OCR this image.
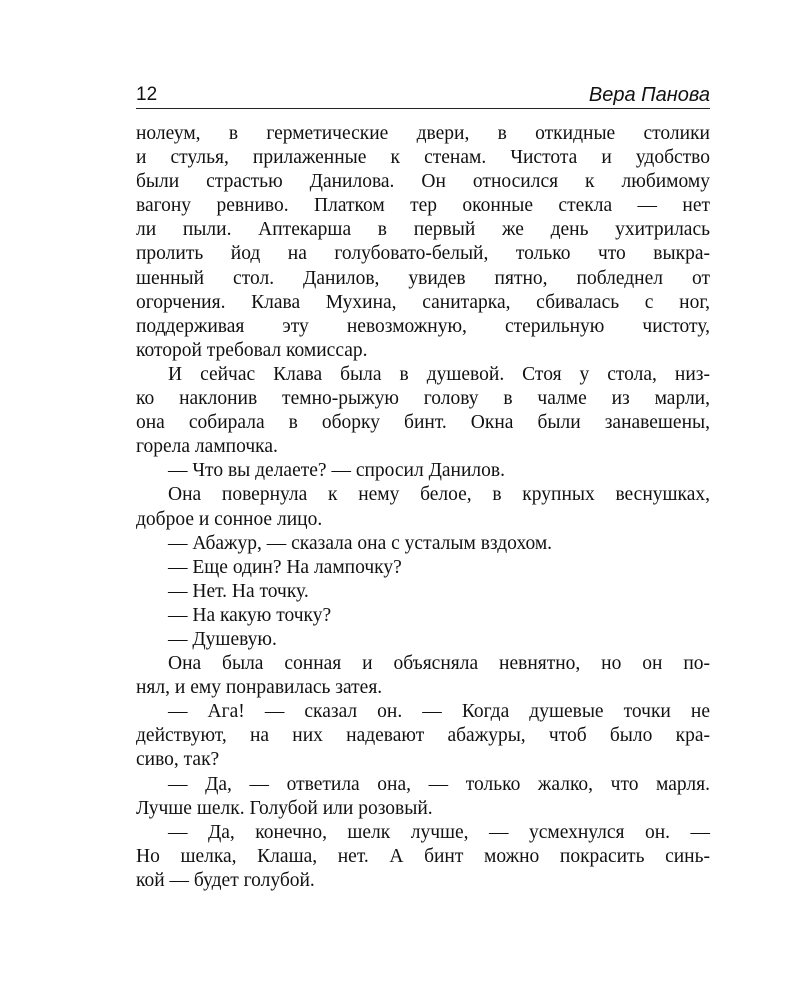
12	Вера Панова
нолеум, в герметические двери, в откидные столики
и стулья, прилаженные к стенам. Чистота и удобство
были страстью Данилова. Он относился к любимому
вагону ревниво. Платком тер оконные стекла — нет
ли пыли. Аптекарша в первый же день ухитрилась
пролить йод на голубовато-белый, только что выкра-
шенный стол. Данилов, увидев пятно, побледнел от
огорчения. Клава Мухина, санитарка, сбивалась с ног,
поддерживая эту невозможную, стерильную чистоту,
которой требовал комиссар.
И сейчас Клава была в душевой. Стоя у стола, низ-
ко наклонив темно-рыжую голову в чалме из марли,
она собирала в оборку бинт. Окна были занавешены,
горела лампочка.
— Что вы делаете? — спросил Данилов.
Она повернула к нему белое, в крупных веснушках,
доброе и сонное лицо.
— Абажур, — сказала она с усталым вздохом.
— Еще один? На лампочку?
— Нет. На точку.
— На какую точку?
— Душевую.
Она была сонная и объясняла невнятно, но он по-
нял, и ему понравилась затея.
— Ага! — сказал он. — Когда душевые точки не
действуют, на них надевают абажуры, чтоб было кра-
сиво, так?
— Да, — ответила она, — только жалко, что марля.
Лучше шелк. Голубой или розовый.
— Да, конечно, шелк лучше, — усмехнулся он. —
Но шелка, Клаша, нет. А бинт можно покрасить синь-
кой — будет голубой.
